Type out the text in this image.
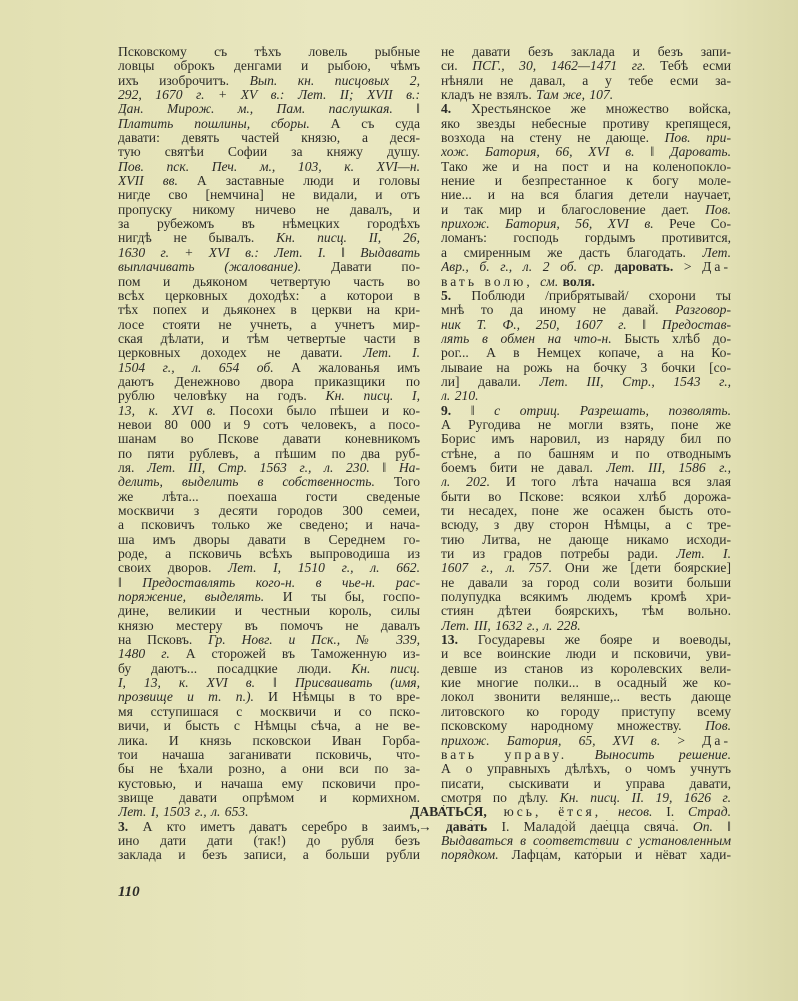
Псковскому съ тѣхъ ловель рыбные
ловцы оброкъ денгами и рыбою, чѣмъ
ихъ изоброчитъ. Вып. кн. писцовых 2,
292, 1670 г. + XV в.: Лет. II; XVII в.:
Дан. Мирож. м., Пам. паслушкая. ‖
Платить пошлины, сборы. А съ суда
давати: девять частей князю, а деся-
тую святѣи Софии за княжу душу.
Пов. пск. Печ. м., 103, к. XVI—н.
XVII вв. А заставные люди и головы
нигде сво [немчина] не видали, и отъ
пропуску никому ничево не давалъ, и
за рубежомъ въ нѣмецких городѣхъ
нигдѣ не бывалъ. Кн. писц. II, 26,
1630 г. + XVI в.: Лет. I. ‖ Выдавать
выплачивать (жалование). Давати по-
пом и дьяконом четвертую часть во
всѣх церковных доходѣх: а которои в
тѣх попех и дьяконех в церкви на кри-
лосе стояти не учнеть, а учнетъ мир-
ская дѣлати, и тѣм четвертые части в
церковных доходех не давати. Лет. I.
1504 г., л. 654 об. А жалованья имъ
даютъ Денежново двора приказщики по
рублю человѣку на годъ. Кн. писц. I,
13, к. XVI в. Посохи было пѣшеи и ко-
невои 80 000 и 9 сотъ человекъ, а посо-
шанам во Пскове давати коневникомъ
по пяти рублевъ, а пѣшим по два руб-
ля. Лет. III, Стр. 1563 г., л. 230. ‖ На-
делить, выделить в собственность. Того
же лѣта... поехаша гости сведеные
москвичи з десяти городов 300 семеи,
а псковичъ только же сведено; и нача-
ша имъ дворы давати в Середнем го-
роде, а псковичь всѣхъ выпроводиша из
своих дворов. Лет. I, 1510 г., л. 662.
‖ Предоставлять кого-н. в чье-н. рас-
поряжение, выделять. И ты бы, госпо-
дине, великии и честныи король, силы
князю местеру въ помочъ не давалъ
на Псковъ. Гр. Новг. и Пск., № 339,
1480 г. А сторожей въ Таможенную из-
бу даютъ... посадцкие люди. Кн. писц.
I, 13, к. XVI в. ‖ Присваивать (имя,
прозвище и т. п.). И Нѣмцы в то вре-
мя сступишася с москвичи и со пско-
вичи, и бысть с Нѣмцы сѣча, а не ве-
лика. И князь псковскои Иван Горба-
тои начаша заганивати псковичь, что-
бы не ѣхали розно, а они вси по за-
кустовью, и начаша ему псковичи про-
звище давати опрѣмом и кормихном.
Лет. I, 1503 г., л. 653.
3. А кто иметъ даватъ серебро в заимъ,
ино дати дати (так!) до рубля безъ
заклада и безъ записи, а больши рубли
не давати безъ заклада и безъ запи-
си. ПСГ., 30, 1462—1471 гг. Тебѣ есми
нѣняли не давал, а у тебе есми за-
кладъ не взялъ. Там же, 107.
4. Хрестьянское же множество войска,
яко звезды небесные противу крепящеся,
возхода на стену не дающе. Пов. при-
хож. Батория, 66, XVI в. ‖ Даровать.
Тако же и на пост и на коленопокло-
нение и безпрестанное к богу моле-
ние... и на вся благия детели научает,
и так мир и благословение дает. Пов.
прихож. Батория, 56, XVI в. Рече Со-
ломанъ: господь гордымъ противится,
а смиренным же дасть благодать. Лет.
Авр., б. г., л. 2 об. ср. даровать. > Да-
вать волю, см. воля.
5. Поблюди /прибрятывай/ схорони ты
мнѣ то да иному не давай. Разговор-
ник Т. Ф., 250, 1607 г. ‖ Предостав-
лять в обмен на что-н. Бысть хлѣб до-
рог... А в Немцех копаче, а на Ко-
лываие на рожь на бочку 3 бочки [со-
ли] давали. Лет. III, Стр., 1543 г.,
л. 210.
9. ‖ с отриц. Разрешать, позволять.
А Ругодива не могли взять, поне же
Борис имъ наровил, из наряду бил по
стѣне, а по башням и по отводнымъ
боемъ бити не давал. Лет. III, 1586 г.,
л. 202. И того лѣта начаша вся злая
быти во Пскове: всякои хлѣб дорожа-
ти несадех, поне же осажен бысть ото-
всюду, з дву сторон Нѣмцы, а с тре-
тию Литва, не дающе никамо исходи-
ти из градов потребы ради. Лет. I.
1607 г., л. 757. Они же [дети боярские]
не давали за город соли возити больши
полупудка всякимъ людемъ кромѣ хри-
стиян дѣтеи боярскихъ, тѣм вольно.
Лет. III, 1632 г., л. 228.
13. Государевы же бояре и воеводы,
и все воинские люди и псковичи, уви-
девше из станов из королевских вели-
кие многие полки... в осадный же ко-
локол звонити велянше,.. весть дающе
литовского ко городу приступу всему
псковскому народному множеству. Пов.
прихож. Батория, 65, XVI в. > Да-
вать управу. Выносить решение.
А о управныхъ дѣлѣхъ, о чомъ учнутъ
писати, сыскивати и управа давати,
смотря по дѣлу. Кн. писц. II. 19, 1626 г.
ДАВА́ТЬСЯ, юсь, ётся, несов. I. Страд.
→ дава́ть I. Маладо́й дае́цца свяча́. Оп. ‖
Выдаваться в соответствии с установленным
порядком. Лафца́м, като́рыи и нёват хади-
110
